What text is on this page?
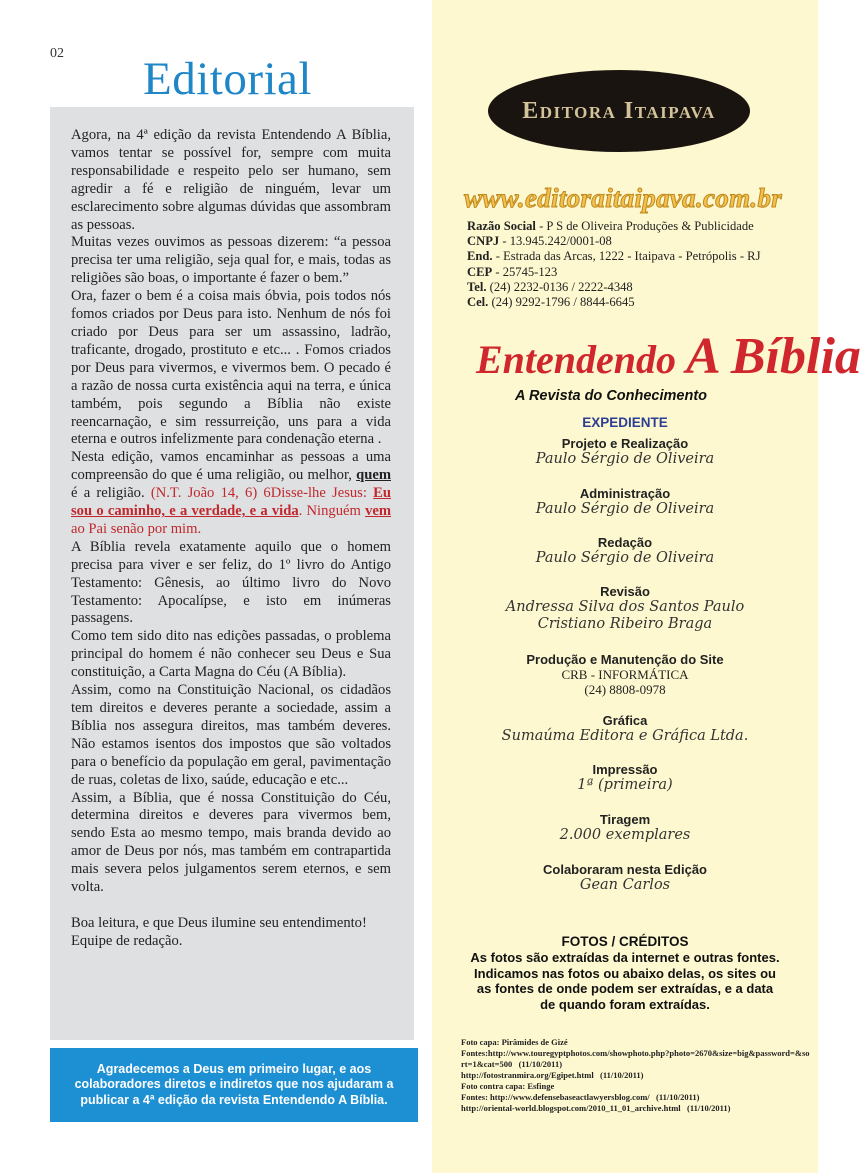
02 Editorial

Agora, na 4ª edição da revista Entendendo A Bíblia, vamos tentar se possível for, sempre com muita responsabilidade e respeito pelo ser humano, sem agredir a fé e religião de ninguém, levar um esclarecimento sobre algumas dúvidas que assombram as pessoas.

Muitas vezes ouvimos as pessoas dizerem: “a pessoa precisa ter uma religião, seja qual for, e mais, todas as religiões são boas, o importante é fazer o bem.”

Ora, fazer o bem é a coisa mais óbvia, pois todos nós fomos criados por Deus para isto. Nenhum de nós foi criado por Deus para ser um assassino, ladrão, traficante, drogado, prostituto e etc... . Fomos criados por Deus para vivermos, e vivermos bem. O pecado é a razão de nossa curta existência aqui na terra, e única também, pois segundo a Bíblia não existe reencarnação, e sim ressurreição, uns para a vida eterna e outros infelizmente para condenação eterna .

Nesta edição, vamos encaminhar as pessoas a uma compreensão do que é uma religião, ou melhor, quem é a religião. (N.T. João 14, 6) 6Disse-lhe Jesus: Eu sou o caminho, e a verdade, e a vida. Ninguém vem ao Pai senão por mim.

A Bíblia revela exatamente aquilo que o homem precisa para viver e ser feliz, do 1º livro do Antigo Testamento: Gênesis, ao último livro do Novo Testamento: Apocalípse, e isto em inúmeras passagens.

Como tem sido dito nas edições passadas, o problema principal do homem é não conhecer seu Deus e Sua constituição, a Carta Magna do Céu (A Bíblia).

Assim, como na Constituição Nacional, os cidadãos tem direitos e deveres perante a sociedade, assim a Bíblia nos assegura direitos, mas também deveres. Não estamos isentos dos impostos que são voltados para o benefício da população em geral, pavimentação de ruas, coletas de lixo, saúde, educação e etc...

Assim, a Bíblia, que é nossa Constituição do Céu, determina direitos e deveres para vivermos bem, sendo Esta ao mesmo tempo, mais branda devido ao amor de Deus por nós, mas também em contrapartida mais severa pelos julgamentos serem eternos, e sem volta.

Boa leitura, e que Deus ilumine seu entendimento!

Equipe de redação.

Agradecemos a Deus em primeiro lugar, e aos colaboradores diretos e indiretos que nos ajudaram a publicar a 4ª edição da revista Entendendo A Bíblia.
Editora Itaipava
www.editoraitaipava.com.br
Razão Social - P S de Oliveira Produções & Publicidade
CNPJ - 13.945.242/0001-08
End. - Estrada das Arcas, 1222 - Itaipava - Petrópolis - RJ
CEP - 25745-123
Tel. (24) 2232-0136 / 2222-4348
Cel. (24) 9292-1796 / 8844-6645
Entendendo A Bíblia
A Revista do Conhecimento
EXPEDIENTE
Projeto e Realização
Paulo Sérgio de Oliveira
Administração
Paulo Sérgio de Oliveira
Redação
Paulo Sérgio de Oliveira
Revisão
Andressa Silva dos Santos Paulo
Cristiano Ribeiro Braga
Produção e Manutenção do Site
CRB - INFORMÁTICA
(24) 8808-0978
Gráfica
Sumaúma Editora e Gráfica Ltda.
Impressão
1ª (primeira)
Tiragem
2.000 exemplares
Colaboraram nesta Edição
Gean Carlos
FOTOS / CRÉDITOS
As fotos são extraídas da internet e outras fontes. Indicamos nas fotos ou abaixo delas, os sites ou as fontes de onde podem ser extraídas, e a data de quando foram extraídas.
Foto capa: Pirâmides de Gizé
Fontes:http://www.touregyptphotos.com/showphoto.php?photo=2670&size=big&password=&sort=1&cat=500   (11/10/2011)
http://fotostranmira.org/Egipet.html   (11/10/2011)
Foto contra capa: Esfinge
Fontes: http://www.defensebaseactlawyersblog.com/   (11/10/2011)
http://oriental-world.blogspot.com/2010_11_01_archive.html   (11/10/2011)
